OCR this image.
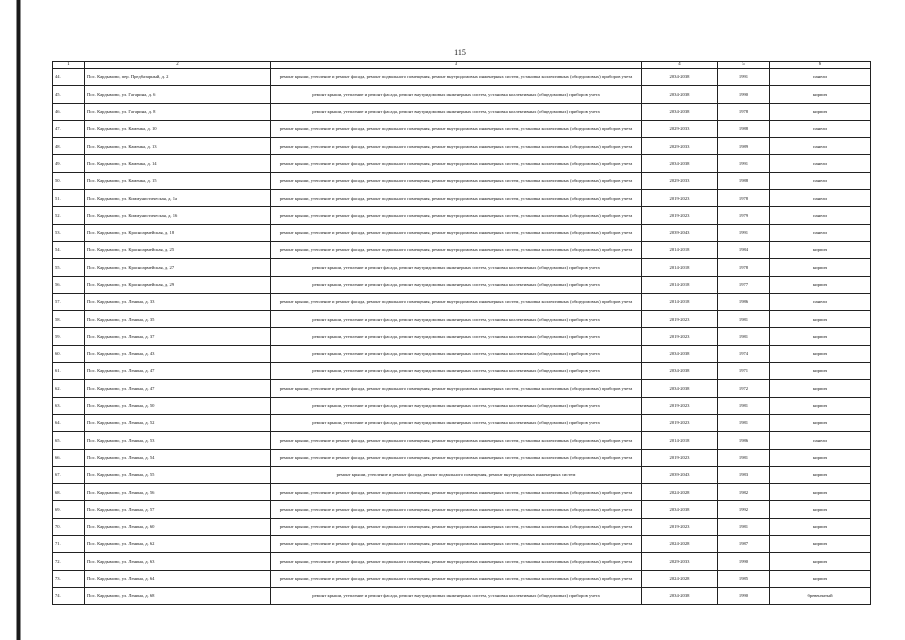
115
1	2	3	4	5	6
44.	Пос. Кардымово, пер. Предбазарный, д. 2	ремонт крыши, утепление и ремонт фасада, ремонт подвального помещения, ремонт внутридомовых инженерных систем, установка коллективных (общедомовых) приборов учета	2034-2038	1991	панели
45.	Пос. Кардымово, ул. Гагарина, д. 6	ремонт крыши, утепление и ремонт фасада, ремонт внутридомовых инженерных систем, установка коллективных (общедомовых) приборов учета	2034-2038	1990	кирпич
46.	Пос. Кардымово, ул. Гагарина, д. 8	ремонт крыши, утепление и ремонт фасада, ремонт внутридомовых инженерных систем, установка коллективных (общедомовых) приборов учета	2034-2038	1978	кирпич
47.	Пос. Кардымово, ул. Каменка, д. 10	ремонт крыши, утепление и ремонт фасада, ремонт подвального помещения, ремонт внутридомовых инженерных систем, установка коллективных (общедомовых) приборов учета	2029-2033	1988	панели
48.	Пос. Кардымово, ул. Каменка, д. 13	ремонт крыши, утепление и ремонт фасада, ремонт подвального помещения, ремонт внутридомовых инженерных систем, установка коллективных (общедомовых) приборов учета	2029-2033	1989	панели
49.	Пос. Кардымово, ул. Каменка, д. 14	ремонт крыши, утепление и ремонт фасада, ремонт подвального помещения, ремонт внутридомовых инженерных систем, установка коллективных (общедомовых) приборов учета	2034-2038	1991	панели
50.	Пос. Кардымово, ул. Каменка, д. 15	ремонт крыши, утепление и ремонт фасада, ремонт подвального помещения, ремонт внутридомовых инженерных систем, установка коллективных (общедомовых) приборов учета	2029-2033	1988	панели
51.	Пос. Кардымово, ул. Коммунистическая, д. 1а	ремонт крыши, утепление и ремонт фасада, ремонт подвального помещения, ремонт внутридомовых инженерных систем, установка коллективных (общедомовых) приборов учета	2019-2023	1978	панели
52.	Пос. Кардымово, ул. Коммунистическая, д. 16	ремонт крыши, утепление и ремонт фасада, ремонт подвального помещения, ремонт внутридомовых инженерных систем, установка коллективных (общедомовых) приборов учета	2019-2023	1979	панели
53.	Пос. Кардымово, ул. Красноармейская, д. 18	ремонт крыши, утепление и ремонт фасада, ремонт подвального помещения, ремонт внутридомовых инженерных систем, установка коллективных (общедомовых) приборов учета	2039-2043	1991	панели
54.	Пос. Кардымово, ул. Красноармейская, д. 25	ремонт крыши, утепление и ремонт фасада, ремонт подвального помещения, ремонт внутридомовых инженерных систем, установка коллективных (общедомовых) приборов учета	2014-2018	1984	кирпич
55.	Пос. Кардымово, ул. Красноармейская, д. 27	ремонт крыши, утепление и ремонт фасада, ремонт внутридомовых инженерных систем, установка коллективных (общедомовых) приборов учета	2014-2018	1978	кирпич
56.	Пос. Кардымово, ул. Красноармейская, д. 29	ремонт крыши, утепление и ремонт фасада, ремонт внутридомовых инженерных систем, установка коллективных (общедомовых) приборов учета	2014-2018	1977	кирпич
57.	Пос. Кардымово, ул. Ленина, д. 33	ремонт крыши, утепление и ремонт фасада, ремонт подвального помещения, ремонт внутридомовых инженерных систем, установка коллективных (общедомовых) приборов учета	2014-2018	1986	панели
58.	Пос. Кардымово, ул. Ленина, д. 35	ремонт крыши, утепление и ремонт фасада, ремонт внутридомовых инженерных систем, установка коллективных (общедомовых) приборов учета	2019-2023	1981	кирпич
59.	Пос. Кардымово, ул. Ленина, д. 37	ремонт крыши, утепление и ремонт фасада, ремонт внутридомовых инженерных систем, установка коллективных (общедомовых) приборов учета	2019-2023	1981	кирпич
60.	Пос. Кардымово, ул. Ленина, д. 43	ремонт крыши, утепление и ремонт фасада, ремонт внутридомовых инженерных систем, установка коллективных (общедомовых) приборов учета	2034-2038	1974	кирпич
61.	Пос. Кардымово, ул. Ленина, д. 47	ремонт крыши, утепление и ремонт фасада, ремонт внутридомовых инженерных систем, установка коллективных (общедомовых) приборов учета	2034-2038	1971	кирпич
62.	Пос. Кардымово, ул. Ленина, д. 47	ремонт крыши, утепление и ремонт фасада, ремонт подвального помещения, ремонт внутридомовых инженерных систем, установка коллективных (общедомовых) приборов учета	2034-2038	1972	кирпич
63.	Пос. Кардымово, ул. Ленина, д. 50	ремонт крыши, утепление и ремонт фасада, ремонт внутридомовых инженерных систем, установка коллективных (общедомовых) приборов учета	2019-2023	1981	кирпич
64.	Пос. Кардымово, ул. Ленина, д. 52	ремонт крыши, утепление и ремонт фасада, ремонт внутридомовых инженерных систем, установка коллективных (общедомовых) приборов учета	2019-2023	1981	кирпич
65.	Пос. Кардымово, ул. Ленина, д. 53	ремонт крыши, утепление и ремонт фасада, ремонт подвального помещения, ремонт внутридомовых инженерных систем, установка коллективных (общедомовых) приборов учета	2014-2018	1986	панели
66.	Пос. Кардымово, ул. Ленина, д. 54	ремонт крыши, утепление и ремонт фасада, ремонт подвального помещения, ремонт внутридомовых инженерных систем, установка коллективных (общедомовых) приборов учета	2019-2023	1981	кирпич
67.	Пос. Кардымово, ул. Ленина, д. 55	ремонт крыши, утепление и ремонт фасада, ремонт подвального помещения, ремонт внутридомовых инженерных систем	2039-2043	1983	кирпич
68.	Пос. Кардымово, ул. Ленина, д. 56	ремонт крыши, утепление и ремонт фасада, ремонт подвального помещения, ремонт внутридомовых инженерных систем, установка коллективных (общедомовых) приборов учета	2024-2028	1982	кирпич
69.	Пос. Кардымово, ул. Ленина, д. 57	ремонт крыши, утепление и ремонт фасада, ремонт подвального помещения, ремонт внутридомовых инженерных систем, установка коллективных (общедомовых) приборов учета	2034-2038	1992	кирпич
70.	Пос. Кардымово, ул. Ленина, д. 60	ремонт крыши, утепление и ремонт фасада, ремонт подвального помещения, ремонт внутридомовых инженерных систем, установка коллективных (общедомовых) приборов учета	2019-2023	1981	кирпич
71.	Пос. Кардымово, ул. Ленина, д. 62	ремонт крыши, утепление и ремонт фасада, ремонт подвального помещения, ремонт внутридомовых инженерных систем, установка коллективных (общедомовых) приборов учета	2024-2028	1987	кирпич
72.	Пос. Кардымово, ул. Ленина, д. 63	ремонт крыши, утепление и ремонт фасада, ремонт подвального помещения, ремонт внутридомовых инженерных систем, установка коллективных (общедомовых) приборов учета	2029-2033	1990	кирпич
73.	Пос. Кардымово, ул. Ленина, д. 64	ремонт крыши, утепление и ремонт фасада, ремонт подвального помещения, ремонт внутридомовых инженерных систем, установка коллективных (общедомовых) приборов учета	2024-2028	1985	кирпич
74.	Пос. Кардымово, ул. Ленина, д. 68	ремонт крыши, утепление и ремонт фасада, ремонт внутридомовых инженерных систем, установка коллективных (общедомовых) приборов учета	2034-2038	1990	бревенчатый
